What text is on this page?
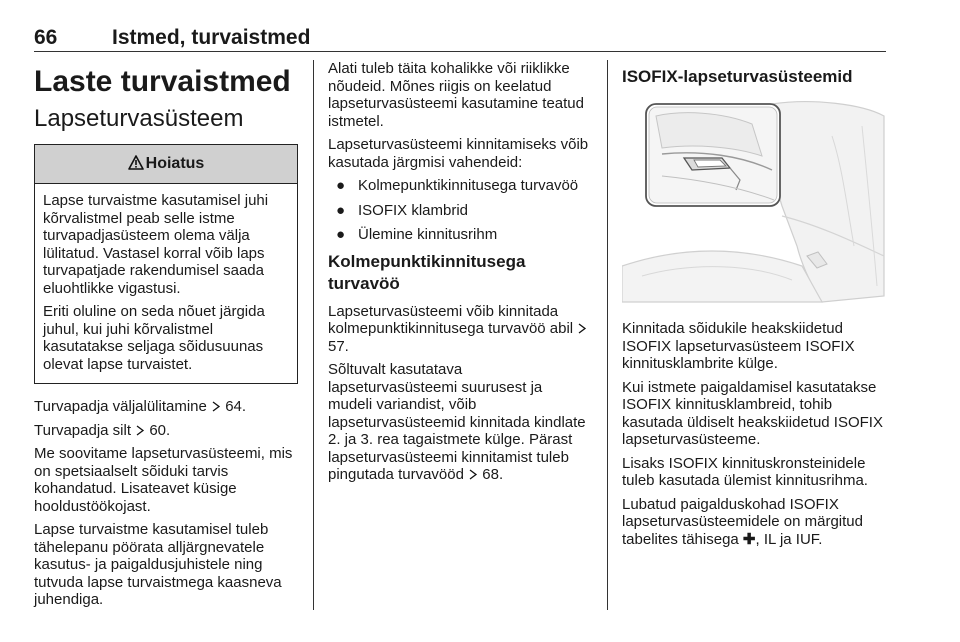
66	Istmed, turvaistmed
Laste turvaistmed
Lapseturvasüsteem
Hoiatus

Lapse turvaistme kasutamisel juhi kõrvalistmel peab selle istme turvapadjasüsteem olema välja lülitatud. Vastasel korral võib laps turvapatjade rakendumisel saada eluohtlikke vigastusi.

Eriti oluline on seda nõuet järgida juhul, kui juhi kõrvalistmel kasutatakse seljaga sõidusuunas olevat lapse turvaistet.

Turvapadja väljalülitamine 64.

Turvapadja silt 60.

Me soovitame lapseturvasüsteemi, mis on spetsiaalselt sõiduki tarvis kohandatud. Lisateavet küsige hooldustöökojast.

Lapse turvaistme kasutamisel tuleb tähelepanu pöörata alljärgnevatele kasutus- ja paigaldusjuhistele ning tutvuda lapse turvaistmega kaasneva juhendiga.

Alati tuleb täita kohalikke või riiklikke nõudeid. Mõnes riigis on keelatud lapseturvasüsteemi kasutamine teatud istmetel.

Lapseturvasüsteemi kinnitamiseks võib kasutada järgmisi vahendeid:

● Kolmepunktikinnitusega turvavöö
● ISOFIX klambrid
● Ülemine kinnitusrihm
Kolmepunktikinnitusega turvavöö

Lapseturvasüsteemi võib kinnitada kolmepunktikinnitusega turvavöö abil  57.

Sõltuvalt kasutatava lapseturvasüsteemi suurusest ja mudeli variandist, võib lapseturvasüsteemid kinnitada kindlate 2. ja 3. rea tagaistmete külge. Pärast lapseturvasüsteemi kinnitamist tuleb pingutada turvavööd 68.

ISOFIX-lapseturvasüsteemid

Kinnitada sõidukile heakskiidetud ISOFIX lapseturvasüsteem ISOFIX kinnitusklambrite külge.

Kui istmete paigaldamisel kasutatakse ISOFIX kinnitusklambreid, tohib kasutada üldiselt heakskiidetud ISOFIX lapseturvasüsteeme.

Lisaks ISOFIX kinnituskronsteinidele tuleb kasutada ülemist kinnitusrihma.

Lubatud paigalduskohad ISOFIX lapseturvasüsteemidele on märgitud tabelites tähisega ✚, IL ja IUF.
